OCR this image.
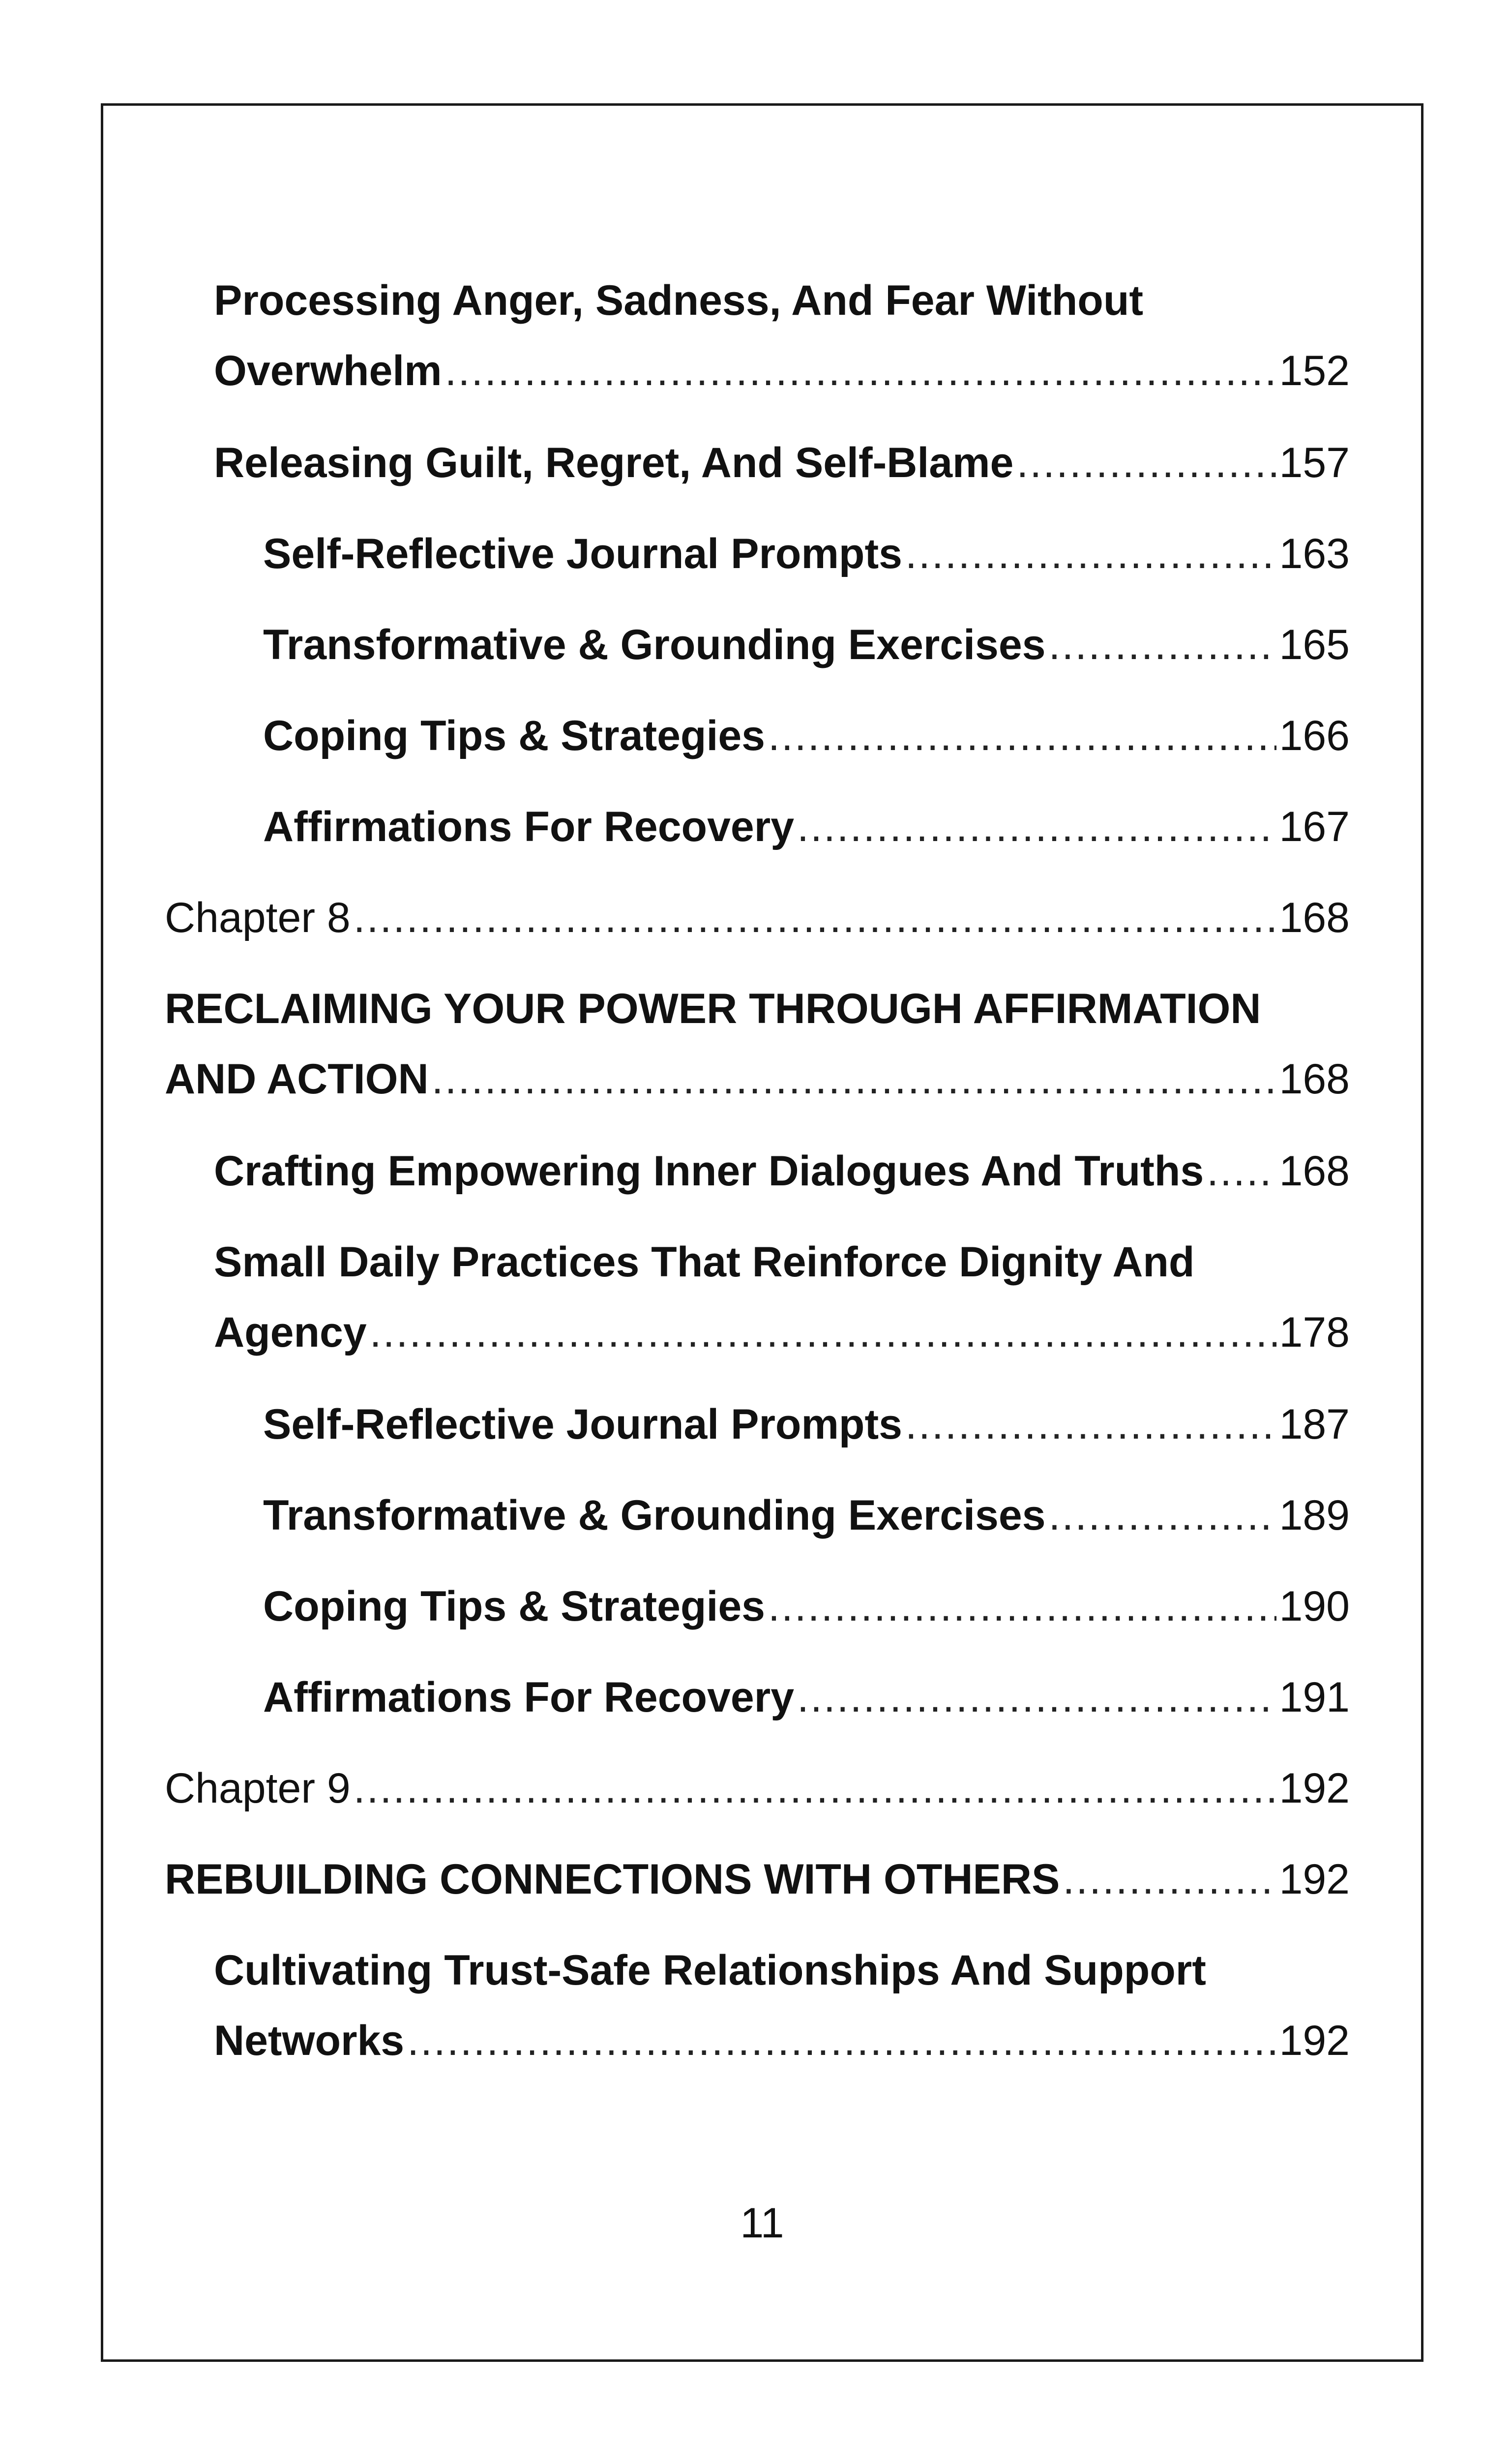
Processing Anger, Sadness, And Fear Without
Overwhelm .....	152
Releasing Guilt, Regret, And Self-Blame .....	157
Self-Reflective Journal Prompts .....	163
Transformative & Grounding Exercises .....	165
Coping Tips & Strategies .....	166
Affirmations For Recovery .....	167
Chapter 8 .....	168
RECLAIMING YOUR POWER THROUGH AFFIRMATION
AND ACTION .....	168
Crafting Empowering Inner Dialogues And Truths ..... 168
Small Daily Practices That Reinforce Dignity And
Agency .....	178
Self-Reflective Journal Prompts .....	187
Transformative & Grounding Exercises .....	189
Coping Tips & Strategies .....	190
Affirmations For Recovery .....	191
Chapter 9 .....	192
REBUILDING CONNECTIONS WITH OTHERS .....	192
Cultivating Trust-Safe Relationships And Support
Networks .....	192
11
